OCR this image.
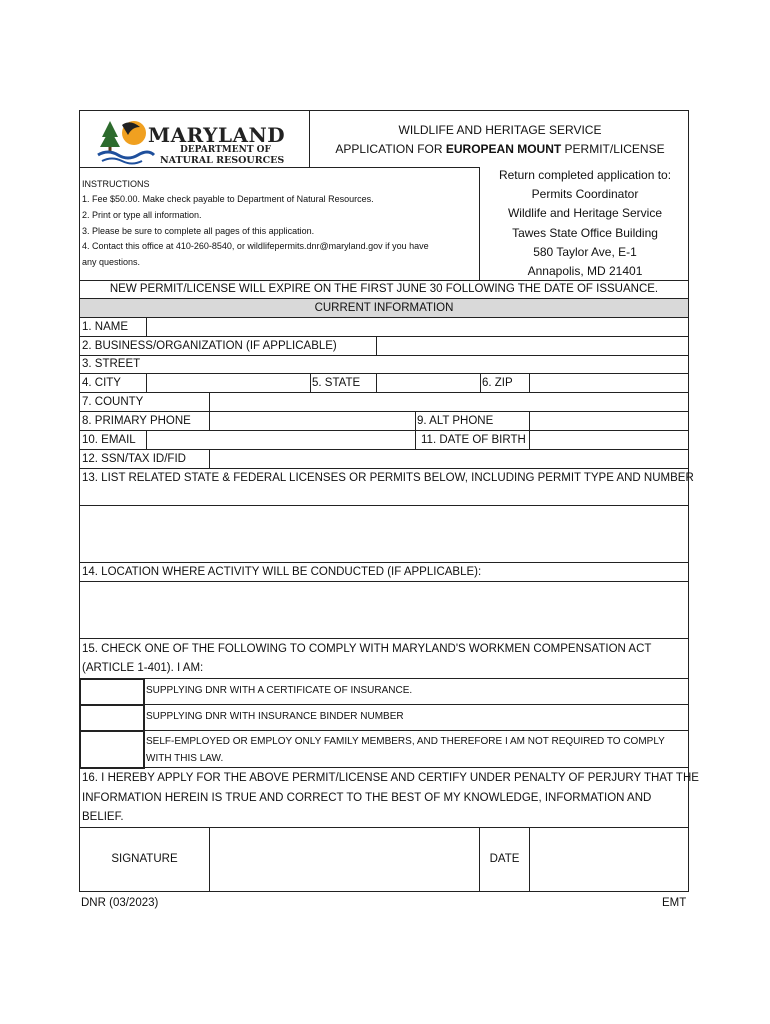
MARYLAND
DEPARTMENT OF
NATURAL RESOURCES
WILDLIFE AND HERITAGE SERVICE
APPLICATION FOR EUROPEAN MOUNT PERMIT/LICENSE
INSTRUCTIONS
1. Fee $50.00. Make check payable to Department of Natural Resources.
2. Print or type all information.
3. Please be sure to complete all pages of this application.
4. Contact this office at 410-260-8540, or wildlifepermits.dnr@maryland.gov if you have
any questions.
Return completed application to:
Permits Coordinator
Wildlife and Heritage Service
Tawes State Office Building
580 Taylor Ave, E-1
Annapolis, MD 21401
NEW PERMIT/LICENSE WILL EXPIRE ON THE FIRST JUNE 30 FOLLOWING THE DATE OF ISSUANCE.
CURRENT INFORMATION
1. NAME
2. BUSINESS/ORGANIZATION (IF APPLICABLE)
3. STREET
4. CITY	5. STATE	6. ZIP
7. COUNTY
8. PRIMARY PHONE	9. ALT PHONE
10. EMAIL	11. DATE OF BIRTH
12. SSN/TAX ID/FID
13. LIST RELATED STATE & FEDERAL LICENSES OR PERMITS BELOW, INCLUDING PERMIT TYPE AND NUMBER
14. LOCATION WHERE ACTIVITY WILL BE CONDUCTED (IF APPLICABLE):
15. CHECK ONE OF THE FOLLOWING TO COMPLY WITH MARYLAND'S WORKMEN COMPENSATION ACT
(ARTICLE 1-401). I AM:
SUPPLYING DNR WITH A CERTIFICATE OF INSURANCE.
SUPPLYING DNR WITH INSURANCE BINDER NUMBER
SELF-EMPLOYED OR EMPLOY ONLY FAMILY MEMBERS, AND THEREFORE I AM NOT REQUIRED TO COMPLY
WITH THIS LAW.
16. I HEREBY APPLY FOR THE ABOVE PERMIT/LICENSE AND CERTIFY UNDER PENALTY OF PERJURY THAT THE
INFORMATION HEREIN IS TRUE AND CORRECT TO THE BEST OF MY KNOWLEDGE, INFORMATION AND
BELIEF.
SIGNATURE	DATE
DNR (03/2023)	EMT
